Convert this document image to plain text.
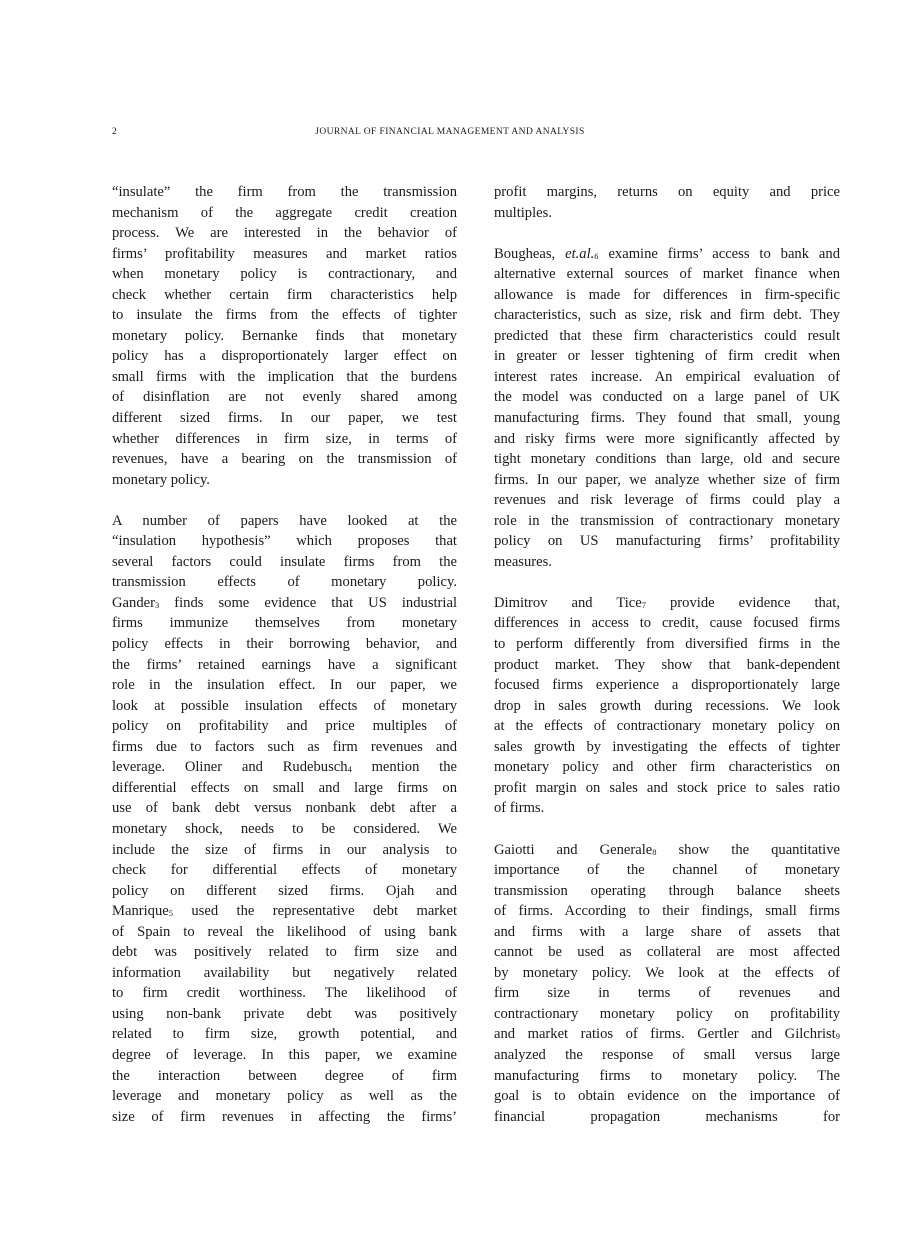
2	JOURNAL OF FINANCIAL MANAGEMENT AND ANALYSIS
“insulate” the firm from the transmission
mechanism of the aggregate credit creation
process. We are interested in the behavior of
firms’ profitability measures and market ratios
when monetary policy is contractionary, and
check whether certain firm characteristics help
to insulate the firms from the effects of tighter
monetary policy. Bernanke finds that monetary
policy has a disproportionately larger effect on
small firms with the implication that the burdens
of disinflation are not evenly shared among
different sized firms. In our paper, we test
whether differences in firm size, in terms of
revenues, have a bearing on the transmission of
monetary policy.
A number of papers have looked at the
“insulation hypothesis” which proposes that
several factors could insulate firms from the
transmission effects of monetary policy.
Gander$^3$ finds some evidence that US industrial
firms immunize themselves from monetary
policy effects in their borrowing behavior, and
the firms’ retained earnings have a significant
role in the insulation effect. In our paper, we
look at possible insulation effects of monetary
policy on profitability and price multiples of
firms due to factors such as firm revenues and
leverage. Oliner and Rudebusch$^4$ mention the
differential effects on small and large firms on
use of bank debt versus nonbank debt after a
monetary shock, needs to be considered. We
include the size of firms in our analysis to
check for differential effects of monetary
policy on different sized firms. Ojah and
Manrique$^5$ used the representative debt market
of Spain to reveal the likelihood of using bank
debt was positively related to firm size and
information availability but negatively related
to firm credit worthiness. The likelihood of
using non-bank private debt was positively
related to firm size, growth potential, and
degree of leverage. In this paper, we examine
the interaction between degree of firm
leverage and monetary policy as well as the
size of firm revenues in affecting the firms’
profit margins, returns on equity and price
multiples.
Bougheas, et.al.$^6$ examine firms’ access to bank and
alternative external sources of market finance when
allowance is made for differences in firm-specific
characteristics, such as size, risk and firm debt. They
predicted that these firm characteristics could result
in greater or lesser tightening of firm credit when
interest rates increase. An empirical evaluation of
the model was conducted on a large panel of UK
manufacturing firms. They found that small, young
and risky firms were more significantly affected by
tight monetary conditions than large, old and secure
firms. In our paper, we analyze whether size of firm
revenues and risk leverage of firms could play a
role in the transmission of contractionary monetary
policy on US manufacturing firms’ profitability
measures.
Dimitrov and Tice$^7$ provide evidence that,
differences in access to credit, cause focused firms
to perform differently from diversified firms in the
product market. They show that bank-dependent
focused firms experience a disproportionately large
drop in sales growth during recessions. We look
at the effects of contractionary monetary policy on
sales growth by investigating the effects of tighter
monetary policy and other firm characteristics on
profit margin on sales and stock price to sales ratio
of firms.
Gaiotti and Generale$^8$ show the quantitative
importance of the channel of monetary
transmission operating through balance sheets
of firms. According to their findings, small firms
and firms with a large share of assets that
cannot be used as collateral are most affected
by monetary policy. We look at the effects of
firm size in terms of revenues and
contractionary monetary policy on profitability
and market ratios of firms. Gertler and Gilchrist$^9$
analyzed the response of small versus large
manufacturing firms to monetary policy. The
goal is to obtain evidence on the importance of
financial propagation mechanisms for
